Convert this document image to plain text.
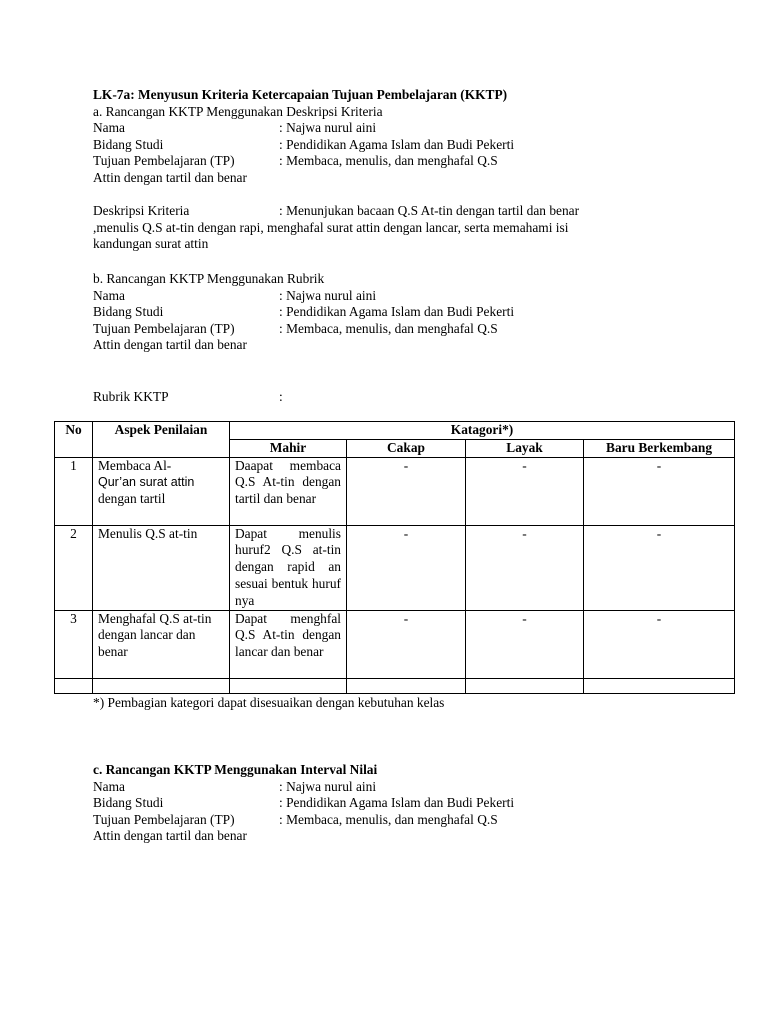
LK-7a: Menyusun Kriteria Ketercapaian Tujuan Pembelajaran (KKTP)
a. Rancangan KKTP Menggunakan Deskripsi Kriteria
Nama	: Najwa nurul aini
Bidang Studi	: Pendidikan Agama Islam dan Budi Pekerti
Tujuan Pembelajaran (TP)	: Membaca, menulis, dan menghafal Q.S
Attin dengan tartil dan benar
Deskripsi Kriteria	: Menunjukan bacaan Q.S At-tin dengan tartil dan benar
,menulis Q.S at-tin dengan rapi, menghafal surat attin dengan lancar, serta memahami isi
kandungan surat attin
b. Rancangan KKTP Menggunakan Rubrik
Nama	: Najwa nurul aini
Bidang Studi	: Pendidikan Agama Islam dan Budi Pekerti
Tujuan Pembelajaran (TP)	: Membaca, menulis, dan menghafal Q.S
Attin dengan tartil dan benar
Rubrik KKTP	:
No	Aspek Penilaian	Katagori*)			
		Mahir	Cakap	Layak	Baru Berkembang
1	Membaca Al-
Qur’an surat attin
dengan tartil	Daapat membaca Q.S At-tin dengan tartil dan benar	-	-	-
2	Menulis Q.S at-tin	Dapat menulis huruf2 Q.S at-tin dengan rapid an sesuai bentuk huruf nya	-	-	-
3	Menghafal Q.S at-tin dengan lancar dan benar	Dapat menghfal Q.S At-tin dengan lancar dan benar	-	-	-

*) Pembagian kategori dapat disesuaikan dengan kebutuhan kelas
c. Rancangan KKTP Menggunakan Interval Nilai
Nama	: Najwa nurul aini
Bidang Studi	: Pendidikan Agama Islam dan Budi Pekerti
Tujuan Pembelajaran (TP)	: Membaca, menulis, dan menghafal Q.S
Attin dengan tartil dan benar
